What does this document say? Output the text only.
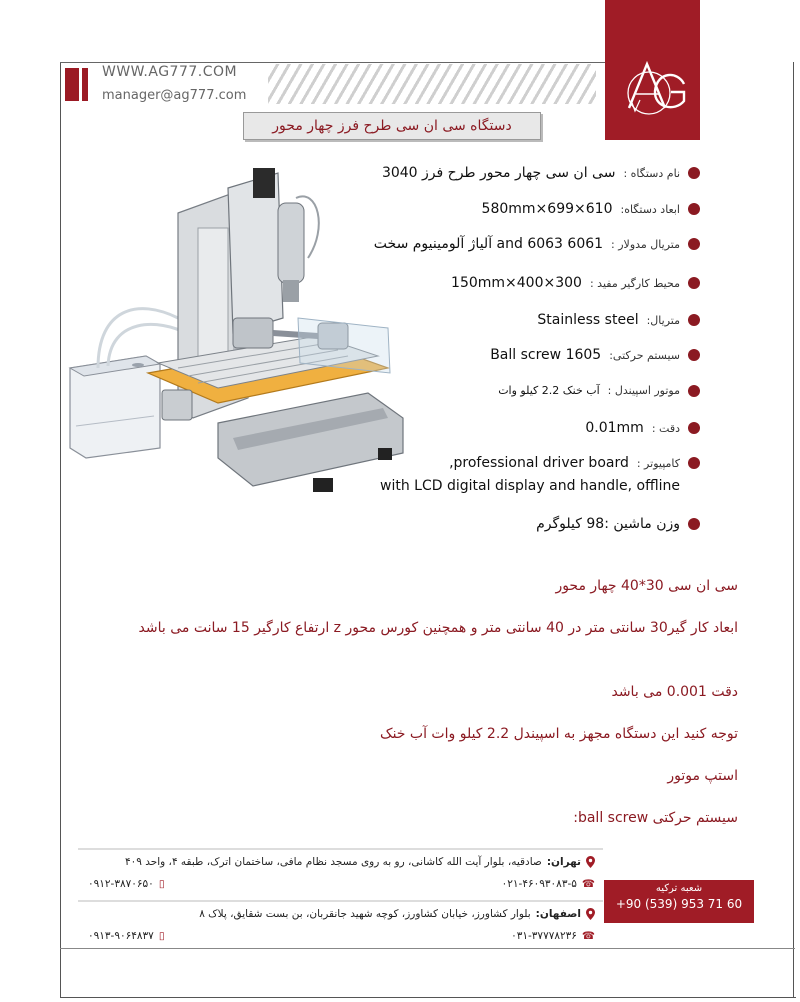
WWW.AG777.COM
manager@ag777.com
دستگاه سی ان سی طرح فرز چهار محور
نام دستگاه :
سی ان سی چهار محور طرح فرز 3040
ابعاد دستگاه:
610×699×580mm
متریال مدولار :
6061 and 6063 آلیاژ آلومینیوم سخت
محیط کارگیر مفید :
300×400×150mm
متریال:
Stainless steel
سیستم حرکتی:
1605 Ball screw
موتور اسپیندل :
آب خنک 2.2 کیلو وات
دقت :
0.01mm
کامپیوتر :
professional driver board,
with LCD digital display and handle, offline
وزن ماشین :98 کیلوگرم
سی ان سی 30*40 چهار محور
ابعاد کار گیر30 سانتی متر در 40 سانتی متر و همچنین کورس محور z ارتفاع کارگیر 15 سانت می باشد
دقت 0.001 می باشد
توجه کنید این دستگاه مجهز به اسپیندل 2.2 کیلو وات آب خنک
استپ موتور
سیستم حرکتی ball screw:
تهران:
صادقیه، بلوار آیت الله کاشانی، رو به روی مسجد نظام مافی، ساختمان اترک، طبقه ۴، واحد ۴۰۹
☎
۰۲۱-۴۶۰۹۳۰۸۳-۵
▯
۰۹۱۲-۳۸۷۰۶۵۰
اصفهان:
بلوار کشاورز، خیابان کشاورز، کوچه شهید جانقربان، بن بست شقایق، پلاک ۸
☎
۰۳۱-۳۷۷۷۸۲۳۶
▯
۰۹۱۳-۹۰۶۴۸۳۷
شعبه ترکیه
+90 (539) 953 71 60
